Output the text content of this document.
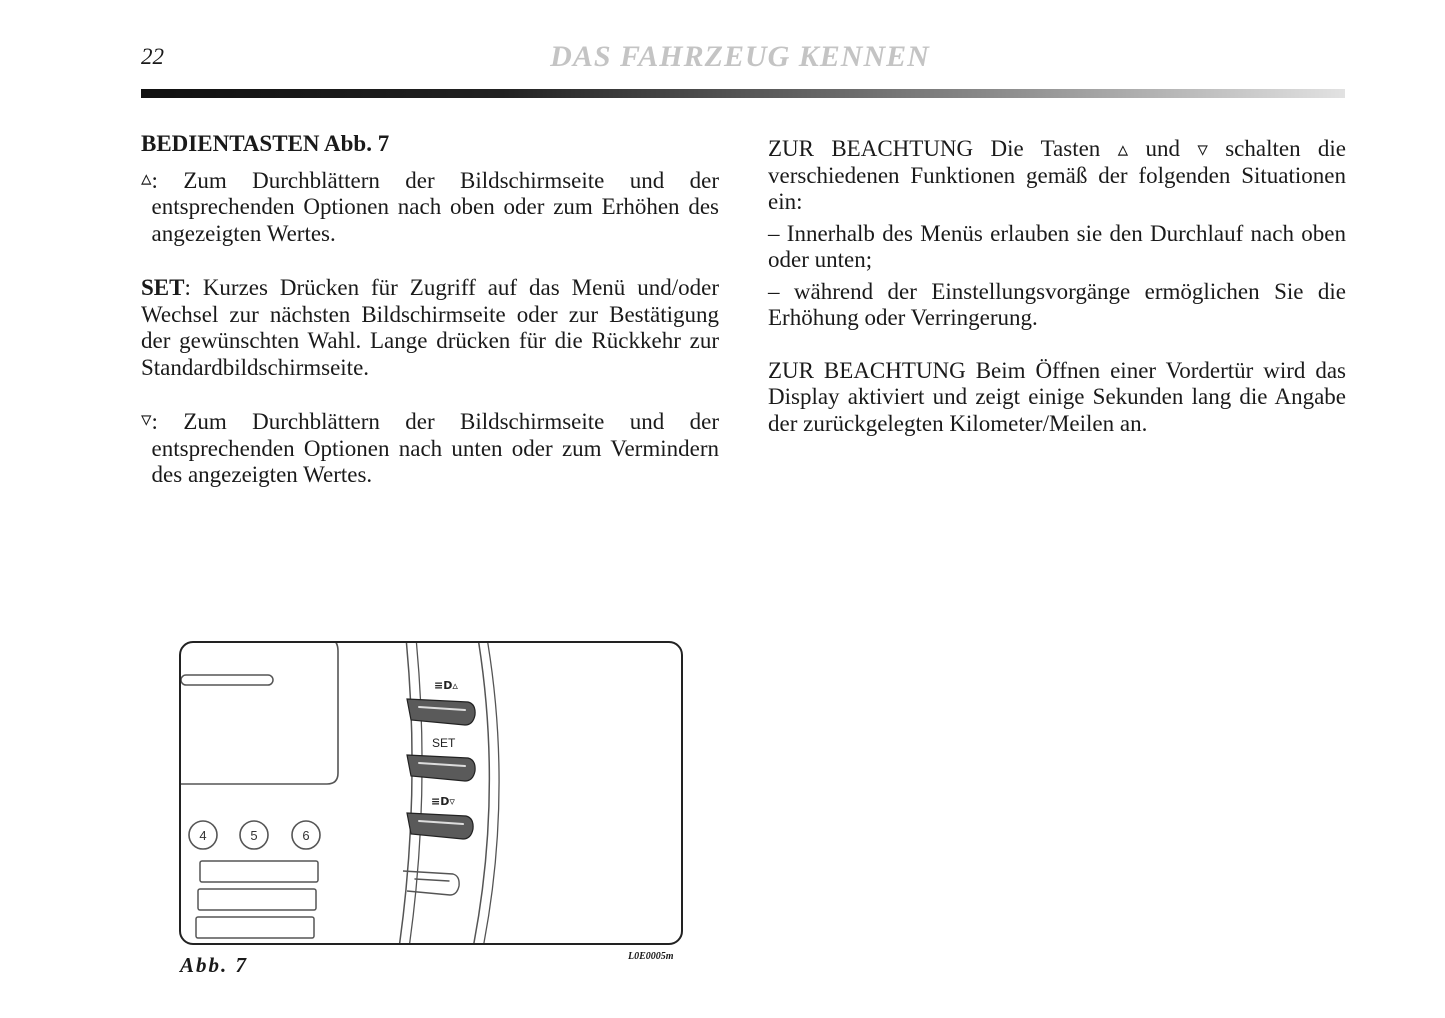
22	DAS FAHRZEUG KENNEN

BEDIENTASTEN Abb. 7

▵ : Zum Durchblättern der Bildschirmseite und der entsprechenden Optionen nach oben oder zum Erhöhen des angezeigten Wertes.

SET: Kurzes Drücken für Zugriff auf das Menü und/oder Wechsel zur nächsten Bildschirmseite oder zur Bestätigung der gewünschten Wahl. Lange drücken für die Rückkehr zur Standardbildschirmseite.

▿ : Zum Durchblättern der Bildschirmseite und der entsprechenden Optionen nach unten oder zum Vermindern des angezeigten Wertes.

ZUR BEACHTUNG Die Tasten ▵ und ▿ schalten die verschiedenen Funktionen gemäß der folgenden Situationen ein:

– Innerhalb des Menüs erlauben sie den Durchlauf nach oben oder unten;

– während der Einstellungsvorgänge ermöglichen Sie die Erhöhung oder Verringerung.

ZUR BEACHTUNG Beim Öffnen einer Vordertür wird das Display aktiviert und zeigt einige Sekunden lang die Angabe der zurückgelegten Kilometer/Meilen an.

4	5	6
≡D▵
SET
≡D▿
Abb. 7	L0E0005m
